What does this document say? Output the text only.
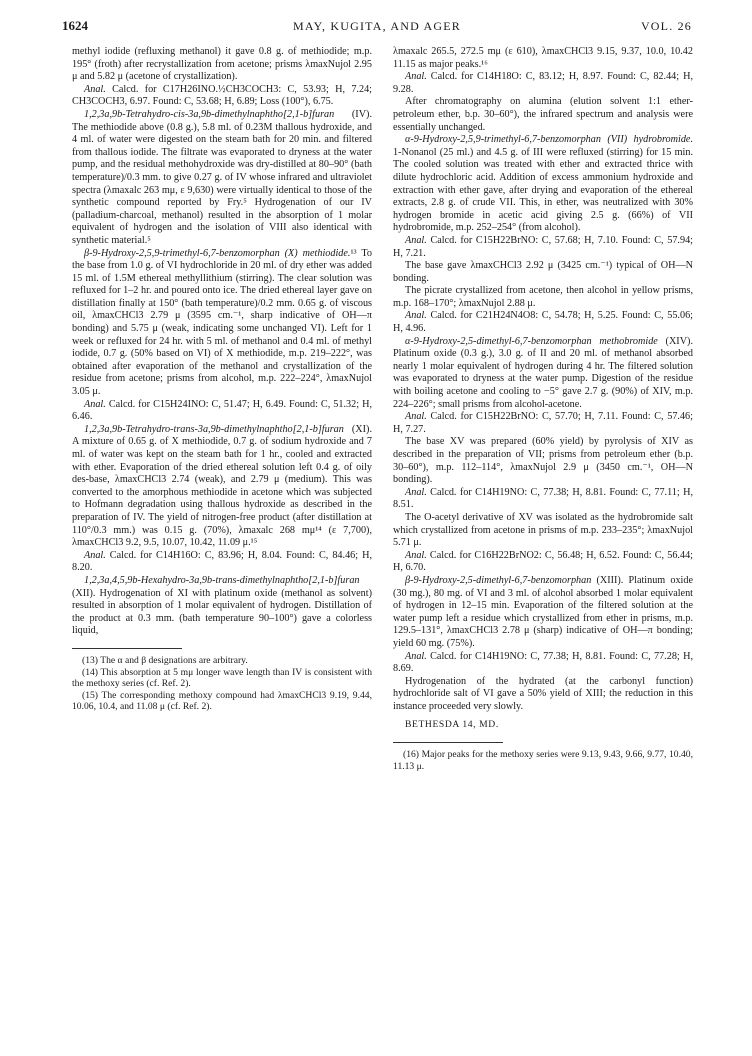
1624	MAY, KUGITA, AND AGER	VOL. 26

methyl iodide (refluxing methanol) it gave 0.8 g. of methiodide; m.p. 195° (froth) after recrystallization from acetone; prisms λmaxNujol 2.95 μ and 5.82 μ (acetone of crystallization).

Anal. Calcd. for C17H26INO.½CH3COCH3: C, 53.93; H, 7.24; CH3COCH3, 6.97. Found: C, 53.68; H, 6.89; Loss (100°), 6.75.

1,2,3a,9b-Tetrahydro-cis-3a,9b-dimethylnaphtho[2,1-b]furan (IV). The methiodide above (0.8 g.), 5.8 ml. of 0.23M thallous hydroxide, and 4 ml. of water were digested on the steam bath for 20 min. and filtered from thallous iodide. The filtrate was evaporated to dryness at the water pump, and the residual methohydroxide was dry-distilled at 80–90° (bath temperature)/0.3 mm. to give 0.27 g. of IV whose infrared and ultraviolet spectra (λmaxalc 263 mμ, ε 9,630) were virtually identical to those of the synthetic compound reported by Fry.⁵ Hydrogenation of our IV (palladium-charcoal, methanol) resulted in the absorption of 1 molar equivalent of hydrogen and the isolation of VIII also identical with synthetic material.⁵

β-9-Hydroxy-2,5,9-trimethyl-6,7-benzomorphan (X) methiodide.¹³ To the base from 1.0 g. of VI hydrochloride in 20 ml. of dry ether was added 15 ml. of 1.5M ethereal methyllithium (stirring). The clear solution was refluxed for 1–2 hr. and poured onto ice. The dried ethereal layer gave on distillation finally at 150° (bath temperature)/0.2 mm. 0.65 g. of viscous oil, λmaxCHCl3 2.79 μ (3595 cm.⁻¹, sharp indicative of OH—π bonding) and 5.75 μ (weak, indicating some unchanged VI). Left for 1 week or refluxed for 24 hr. with 5 ml. of methanol and 0.4 ml. of methyl iodide, 0.7 g. (50% based on VI) of X methiodide, m.p. 219–222°, was obtained after evaporation of the methanol and crystallization of the residue from acetone; prisms from alcohol, m.p. 222–224°, λmaxNujol 3.05 μ.

Anal. Calcd. for C15H24INO: C, 51.47; H, 6.49. Found: C, 51.32; H, 6.46.

1,2,3a,9b-Tetrahydro-trans-3a,9b-dimethylnaphtho[2,1-b]furan (XI). A mixture of 0.65 g. of X methiodide, 0.7 g. of sodium hydroxide and 7 ml. of water was kept on the steam bath for 1 hr., cooled and extracted with ether. Evaporation of the dried ethereal solution left 0.4 g. of oily des-base, λmaxCHCl3 2.74 (weak), and 2.79 μ (medium). This was converted to the amorphous methiodide in acetone which was subjected to Hofmann degradation using thallous hydroxide as described in the preparation of IV. The yield of nitrogen-free product (after distillation at 110°/0.3 mm.) was 0.15 g. (70%), λmaxalc 268 mμ¹⁴ (ε 7,700), λmaxCHCl3 9.2, 9.5, 10.07, 10.42, 11.09 μ.¹⁵

Anal. Calcd. for C14H16O: C, 83.96; H, 8.04. Found: C, 84.46; H, 8.20.

1,2,3a,4,5,9b-Hexahydro-3a,9b-trans-dimethylnaphtho[2,1-b]furan (XII). Hydrogenation of XI with platinum oxide (methanol as solvent) resulted in absorption of 1 molar equivalent of hydrogen. Distillation of the product at 0.3 mm. (bath temperature 90–100°) gave a colorless liquid,

(13) The α and β designations are arbitrary.

(14) This absorption at 5 mμ longer wave length than IV is consistent with the methoxy series (cf. Ref. 2).

(15) The corresponding methoxy compound had λmaxCHCl3 9.19, 9.44, 10.06, 10.4, and 11.08 μ (cf. Ref. 2).

λmaxalc 265.5, 272.5 mμ (ε 610), λmaxCHCl3 9.15, 9.37, 10.0, 10.42 11.15 as major peaks.¹⁶

Anal. Calcd. for C14H18O: C, 83.12; H, 8.97. Found: C, 82.44; H, 9.28.

After chromatography on alumina (elution solvent 1:1 ether-petroleum ether, b.p. 30–60°), the infrared spectrum and analysis were essentially unchanged.

α-9-Hydroxy-2,5,9-trimethyl-6,7-benzomorphan (VII) hydrobromide. 1-Nonanol (25 ml.) and 4.5 g. of III were refluxed (stirring) for 15 min. The cooled solution was treated with ether and extracted thrice with dilute hydrochloric acid. Addition of excess ammonium hydroxide and extraction with ether gave, after drying and evaporation of the ethereal extracts, 2.8 g. of crude VII. This, in ether, was neutralized with 30% hydrogen bromide in acetic acid giving 2.5 g. (66%) of VII hydrobromide, m.p. 252–254° (from alcohol).

Anal. Calcd. for C15H22BrNO: C, 57.68; H, 7.10. Found: C, 57.94; H, 7.21.

The base gave λmaxCHCl3 2.92 μ (3425 cm.⁻¹) typical of OH—N bonding.

The picrate crystallized from acetone, then alcohol in yellow prisms, m.p. 168–170°; λmaxNujol 2.88 μ.

Anal. Calcd. for C21H24N4O8: C, 54.78; H, 5.25. Found: C, 55.06; H, 4.96.

α-9-Hydroxy-2,5-dimethyl-6,7-benzomorphan methobromide (XIV). Platinum oxide (0.3 g.), 3.0 g. of II and 20 ml. of methanol absorbed nearly 1 molar equivalent of hydrogen during 4 hr. The filtered solution was evaporated to dryness at the water pump. Digestion of the residue with boiling acetone and cooling to −5° gave 2.7 g. (90%) of XIV, m.p. 224–226°; small prisms from alcohol-acetone.

Anal. Calcd. for C15H22BrNO: C, 57.70; H, 7.11. Found: C, 57.46; H, 7.27.

The base XV was prepared (60% yield) by pyrolysis of XIV as described in the preparation of VII; prisms from petroleum ether (b.p. 30–60°), m.p. 112–114°, λmaxNujol 2.9 μ (3450 cm.⁻¹, OH—N bonding).

Anal. Calcd. for C14H19NO: C, 77.38; H, 8.81. Found: C, 77.11; H, 8.51.

The O-acetyl derivative of XV was isolated as the hydrobromide salt which crystallized from acetone in prisms of m.p. 233–235°; λmaxNujol 5.71 μ.

Anal. Calcd. for C16H22BrNO2: C, 56.48; H, 6.52. Found: C, 56.44; H, 6.70.

β-9-Hydroxy-2,5-dimethyl-6,7-benzomorphan (XIII). Platinum oxide (30 mg.), 80 mg. of VI and 3 ml. of alcohol absorbed 1 molar equivalent of hydrogen in 12–15 min. Evaporation of the filtered solution at the water pump left a residue which crystallized from ether in prisms, m.p. 129.5–131°, λmaxCHCl3 2.78 μ (sharp) indicative of OH—π bonding; yield 60 mg. (75%).

Anal. Calcd. for C14H19NO: C, 77.38; H, 8.81. Found: C, 77.28; H, 8.69.

Hydrogenation of the hydrated (at the carbonyl function) hydrochloride salt of VI gave a 50% yield of XIII; the reduction in this instance proceeded very slowly.

BETHESDA 14, MD.

(16) Major peaks for the methoxy series were 9.13, 9.43, 9.66, 9.77, 10.40, 11.13 μ.
